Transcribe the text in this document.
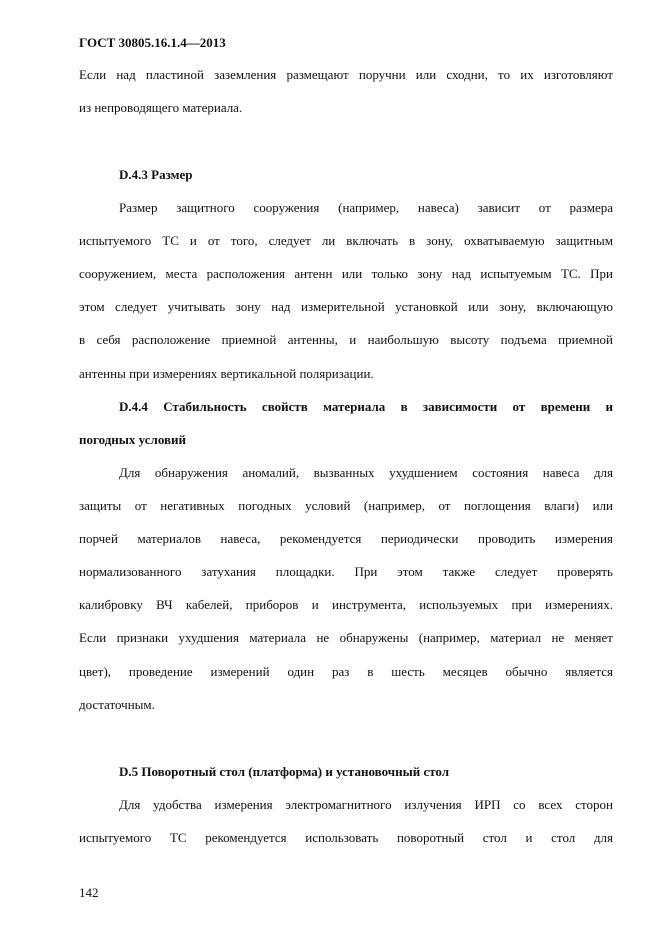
ГОСТ 30805.16.1.4—2013
Если над пластиной заземления размещают поручни или сходни, то их изготовляют
из непроводящего материала.
D.4.3 Размер
Размер защитного сооружения (например, навеса) зависит от размера
испытуемого ТС и от того, следует ли включать в зону, охватываемую защитным
сооружением, места расположения антенн или только зону над испытуемым ТС. При
этом следует учитывать зону над измерительной установкой или зону, включающую
в себя расположение приемной антенны, и наибольшую высоту подъема приемной
антенны при измерениях вертикальной поляризации.
D.4.4 Стабильность свойств материала в зависимости от времени и
погодных условий
Для обнаружения аномалий, вызванных ухудшением состояния навеса для
защиты от негативных погодных условий (например, от поглощения влаги) или
порчей материалов навеса, рекомендуется периодически проводить измерения
нормализованного затухания площадки. При этом также следует проверять
калибровку ВЧ кабелей, приборов и инструмента, используемых при измерениях.
Если признаки ухудшения материала не обнаружены (например, материал не меняет
цвет), проведение измерений один раз в шесть месяцев обычно является
достаточным.
D.5 Поворотный стол (платформа) и установочный стол
Для удобства измерения электромагнитного излучения ИРП со всех сторон
испытуемого ТС рекомендуется использовать поворотный стол и стол для
142
